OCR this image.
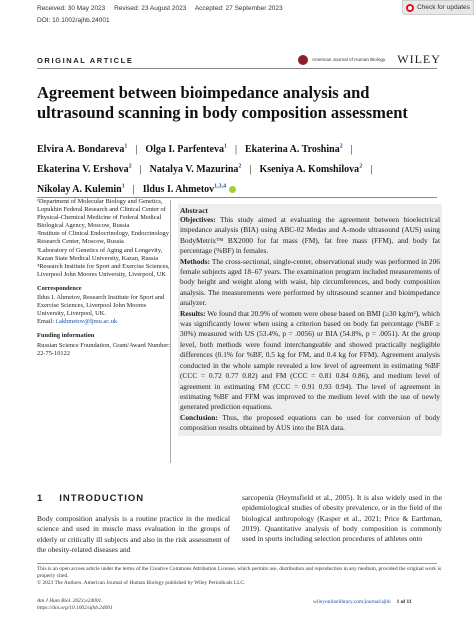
Received: 30 May 2023 Revised: 23 August 2023 Accepted: 27 September 2023
DOI: 10.1002/ajhb.24001
Check for updates
American Journal of Human Biology WILEY
ORIGINAL ARTICLE
Agreement between bioimpedance analysis and ultrasound scanning in body composition assessment
Elvira A. Bondareva$^1$ | Olga I. Parfenteva$^1$ | Ekaterina A. Troshina$^2$ |
Ekaterina V. Ershova$^2$ | Natalya V. Mazurina$^2$ | Kseniya A. Komshilova$^2$ |
Nikolay A. Kulemin$^1$ | Ildus I. Ahmetov$^{1,3,4}$

¹Department of Molecular Biology and Genetics, Lopukhin Federal Research and Clinical Center of Physical-Chemical Medicine of Federal Medical Biological Agency, Moscow, Russia

²Institute of Clinical Endocrinology, Endocrinology Research Center, Moscow, Russia

³Laboratory of Genetics of Aging and Longevity, Kazan State Medical University, Kazan, Russia

⁴Research Institute for Sport and Exercise Sciences, Liverpool John Moores University, Liverpool, UK

Correspondence

Ildus I. Ahmetov, Research Institute for Sport and Exercise Sciences, Liverpool John Moores University, Liverpool, UK.
Email: i.akhmetov@ljmu.ac.uk

Funding information

Russian Science Foundation, Grant/Award Number: 22-75-10122

Abstract

Objectives: This study aimed at evaluating the agreement between bioelectrical impedance analysis (BIA) using ABC-02 Medas and A-mode ultrasound (AUS) using BodyMetrix™ BX2000 for fat mass (FM), fat free mass (FFM), and body fat percentage (%BF) in females.

Methods: The cross-sectional, single-center, observational study was performed in 206 female subjects aged 18–67 years. The examination program included measurements of body height and weight along with waist, hip circumferences, and body composition analysis. The measurements were performed by ultrasound scanner and bioimpedance analyzer.

Results: We found that 20.9% of women were obese based on BMI (≥30 kg/m²), which was significantly lower when using a criterion based on body fat percentage (%BF ≥ 30%) measured with US (53.4%, p = .0056) or BIA (54.8%, p = .0051). At the group level, both methods were found interchangeable and showed practically negligible differences (0.1% for %BF, 0.5 kg for FM, and 0.4 kg for FFM). Agreement analysis conducted in the whole sample revealed a low level of agreement in estimating %BF (CCC = 0.72 0.77 0.82) and FM (CCC = 0.81 0.84 0.86), and medium level of agreement in estimating FM (CCC = 0.91 0.93 0.94). The level of agreement in estimating %BF and FFM was improved to the medium level with the use of newly generated prediction equations.

Conclusion: Thus, the proposed equations can be used for conversion of body composition results obtained by AUS into the BIA data.

1 INTRODUCTION
Body composition analysis is a routine practice in the medical science and used in muscle mass evaluation in the groups of elderly or critically ill subjects and also in the risk assessment of the obesity-related diseases and
sarcopenia (Heymsfield et al., 2005). It is also widely used in the epidemiological studies of obesity prevalence, or in the field of the biological anthropology (Kasper et al., 2021; Price & Earthman, 2019). Quantitative analysis of body composition is commonly used in sports including selection procedures of athletes onto
This is an open access article under the terms of the Creative Commons Attribution License, which permits use, distribution and reproduction in any medium, provided the original work is properly cited.
© 2023 The Authors. American Journal of Human Biology published by Wiley Periodicals LLC.
Am J Hum Biol. 2023;e24001.
https://doi.org/10.1002/ajhb.24001
wileyonlinelibrary.com/journal/ajhb 1 of 11
